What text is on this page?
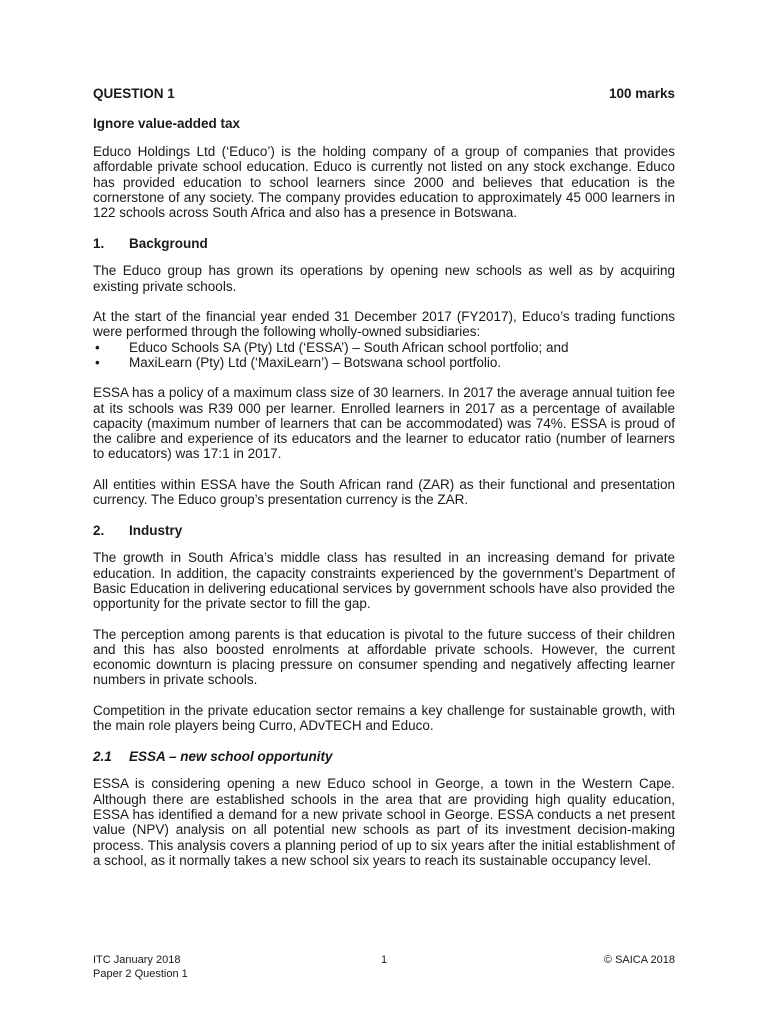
QUESTION 1	100 marks
Ignore value-added tax

Educo Holdings Ltd (‘Educo’) is the holding company of a group of companies that provides affordable private school education. Educo is currently not listed on any stock exchange. Educo has provided education to school learners since 2000 and believes that education is the cornerstone of any society. The company provides education to approximately 45 000 learners in 122 schools across South Africa and also has a presence in Botswana.

1.	Background

The Educo group has grown its operations by opening new schools as well as by acquiring existing private schools.

At the start of the financial year ended 31 December 2017 (FY2017), Educo’s trading functions were performed through the following wholly-owned subsidiaries:

•	Educo Schools SA (Pty) Ltd (‘ESSA’) – South African school portfolio; and
•	MaxiLearn (Pty) Ltd (‘MaxiLearn’) – Botswana school portfolio.

ESSA has a policy of a maximum class size of 30 learners. In 2017 the average annual tuition fee at its schools was R39 000 per learner. Enrolled learners in 2017 as a percentage of available capacity (maximum number of learners that can be accommodated) was 74%. ESSA is proud of the calibre and experience of its educators and the learner to educator ratio (number of learners to educators) was 17:1 in 2017.

All entities within ESSA have the South African rand (ZAR) as their functional and presentation currency. The Educo group’s presentation currency is the ZAR.

2.	Industry

The growth in South Africa’s middle class has resulted in an increasing demand for private education. In addition, the capacity constraints experienced by the government’s Department of Basic Education in delivering educational services by government schools have also provided the opportunity for the private sector to fill the gap.

The perception among parents is that education is pivotal to the future success of their children and this has also boosted enrolments at affordable private schools. However, the current economic downturn is placing pressure on consumer spending and negatively affecting learner numbers in private schools.

Competition in the private education sector remains a key challenge for sustainable growth, with the main role players being Curro, ADvTECH and Educo.

2.1	ESSA – new school opportunity

ESSA is considering opening a new Educo school in George, a town in the Western Cape. Although there are established schools in the area that are providing high quality education, ESSA has identified a demand for a new private school in George. ESSA conducts a net present value (NPV) analysis on all potential new schools as part of its investment decision-making process. This analysis covers a planning period of up to six years after the initial establishment of a school, as it normally takes a new school six years to reach its sustainable occupancy level.

ITC January 2018	1	© SAICA 2018
Paper 2 Question 1
